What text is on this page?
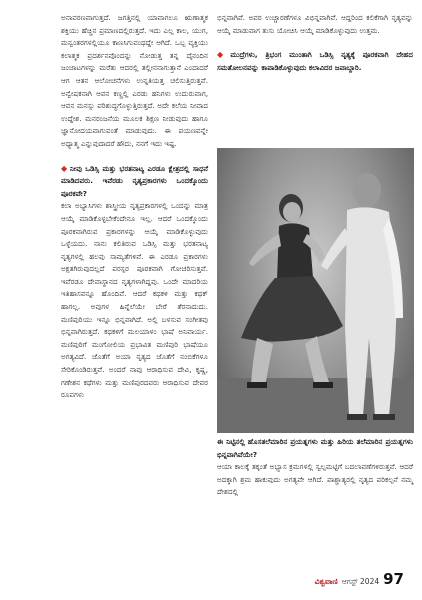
ಅನಾವರಣವಾಗುತ್ತದೆ. ಜಗತ್ತಿನಲ್ಲಿ ಯಾವಾಗಲೂ ಋಣಾತ್ಮಕ ಶಕ್ತಿಯು ಹೆಚ್ಚಿನ ಪ್ರಮಾಣದಲ್ಲಿರುತ್ತದೆ. ಇದು ಎಲ್ಲ ಕಾಲ, ಯುಗ, ಮನ್ವಂತರಗಳಲ್ಲಿಯೂ ಕಾಣಸಿಗುವಂಥದ್ದೇ ಆಗಿದೆ. ಒಬ್ಬ ವ್ಯಕ್ತಿಯು ಕಲಾತ್ಮಕ ಪ್ರದರ್ಶನವೊಂದನ್ನು ನೋಡುತ್ತ ತನ್ನ ದೈನಂದಿನ ಜಂಜಾಟಗಳನ್ನು ಮರೆತು ಆದರಲ್ಲಿ ತಲ್ಲೀನನಾಗುತ್ತಾನೆ ಎಂದಾದರೆ ಆಗ ಆತನ ಆಲೋಚನೆಗಳು ಉನ್ನತಿಯತ್ತ ಚಲಿಸುತ್ತಿರುತ್ತವೆ. ಅನ್ವೇಷಕನಾಗಿ ಆವನ ಕಣ್ಣಲ್ಲಿ ಎರಡು ಹನಿಗಳು ಉದುರುವಾಗ, ಆವನ ಮನಸ್ಸು ಪರಿಶುದ್ಧಗೊಳ್ಳುತ್ತಿರುತ್ತದೆ. ಅದೇ ಕಲೆಯ ನೀವಾದ ಉದ್ದೇಶ. ಮನರಂಜನೆಯ ಮೂಲಕ ಶಿಕ್ಷಣ ನೀಡುವುದು ಹಾಗೂ ಜ್ಞಾನೋದಯವಾಗುವಂತೆ ಮಾಡುವುದು. ಈ ಪಯಣವನ್ನೇ ಅಧ್ಯಾತ್ಮ ಎನ್ನುವುದಾದರೆ ಹೌದು, ನನಗೆ ಇದು ಇಷ್ಟ.

◆ ನೀವು ಒಡಿಸ್ಸಿ ಮತ್ತು ಭರತನಾಟ್ಯ ಎರಡೂ ಕ್ಷೇತ್ರದಲ್ಲಿ ಸಾಧನೆ ಮಾಡಿದವರು. ಇವೆರಡು ನೃತ್ಯಪ್ರಕಾರಗಳು ಒಂದಕ್ಕೊಂದು ಪೂರಕವೇ?

ಕಲಾ ಅಭ್ಯಾಸಿಗಳು ಶಾಸ್ತ್ರೀಯ ನೃತ್ಯಪ್ರಕಾರಗಳಲ್ಲಿ ಒಂದನ್ನು ಮಾತ್ರ ಆಯ್ಕೆ ಮಾಡಿಕೊಳ್ಳಬೇಕೆಂದೇನೂ ಇಲ್ಲ. ಆದರೆ ಒಂದಕ್ಕೊಂದು ಪೂರಕವಾಗಿರುವ ಪ್ರಕಾರಗಳನ್ನು ಆಯ್ಕೆ ಮಾಡಿಕೊಳ್ಳುವುದು ಒಳ್ಳೆಯದು. ನಾನು ಕಲಿತಿರುವ ಒಡಿಸ್ಸಿ ಮತ್ತು ಭರತನಾಟ್ಯ ನೃತ್ಯಗಳಲ್ಲಿ ಹಲವು ಸಾಮ್ಯತೆಗಳಿವೆ. ಈ ಎರಡೂ ಪ್ರಕಾರಗಳು ಅಕ್ಷತಗಿರುವುದಲ್ಲದೆ ಪರಸ್ಪರ ಪೂರಕವಾಗಿ ಗೋಚರಿಸುತ್ತವೆ. ಇವೆರಡೂ ದೇವಾಸ್ಥಾನದ ನೃತ್ಯಗಳಾಗಿದ್ದವು. ಒಂದೇ ಮಾದರಿಯ ಇತಿಹಾಸವನ್ನೂ ಹೊಂದಿವೆ. ಆದರೆ ಕಥಕಳಿ ಮತ್ತು ಕಥಕ್ ಹಾಗಲ್ಲ. ಅವುಗಳ ಹಿನ್ನೆಲೆಯೇ ಬೇರೆ ತೆರನಾದುದು. ಮಣಿಪುರಿಯು ಇನ್ನೂ ಭಿನ್ನವಾಗಿದೆ. ಅಲ್ಲಿ ಬಳಸುವ ಸಂಗೀತವು ಭಿನ್ನವಾಗಿರುತ್ತದೆ. ಕಥಕಳಿಗೆ ಮಲಯಾಳಂ ಭಾಷೆ ಅನಿವಾರ್ಯ. ಮಣಿಪುರಿಗೆ ಮಂಗೋಲಿಯ ಪ್ರಭಾವಿತ ಮಣಿಪುರಿ ಭಾಷೆಯೂ ಅಗತ್ಯವಿದೆ. ಜೊತೆಗೆ ಅಯಾ ನೃತ್ಯದ ಜೊತೆಗೆ ನಂಬಿಕೆಗಳೂ ಸೇರಿಕೊಂಡಿರುತ್ತವೆ. ಅಂದರೆ ನಾವು ಆರಾಧಿಸುವ ದೇವಿ, ಕೃಷ್ಣ, ಗಣೇಶನ ಕಥೆಗಳು ಮತ್ತು ಮಣಿಪುರದವರು ಆರಾಧಿಸುವ ದೇವರ ರೂಪಗಳು

ಭಿನ್ನವಾಗಿವೆ. ಅವರ ಉಚ್ಚಾರಣೆಗಳೂ ವಿಭಿನ್ನವಾಗಿವೆ. ಆದ್ದರಿಂದ ಕಲಿಕೆಗಾಗಿ ನೃತ್ಯವನ್ನು ಆಯ್ಕೆ ಮಾಡುವಾಗ ತುಸು ಯೋಚಿಸಿ ಆಯ್ಕೆ ಮಾಡಿಕೊಳ್ಳುವುದು ಉತ್ತಮ.

◆ ಮುದ್ರೆಗಳು, ತ್ರಿಭಂಗ ಮುಂತಾಗಿ ಒಡಿಸ್ಸಿ ನೃತ್ಯಕ್ಕೆ ಪೂರಕವಾಗಿ ದೇಹದ ಸಮತೋಲನವನ್ನು ಕಾಪಾಡಿಕೊಳ್ಳುವುದು ಕಲಾವಿದರ ಜವಾಬ್ದಾರಿ.

ಈ ನಿಟ್ಟಿನಲ್ಲಿ ಹೊಸತಲೆಮಾರಿನ ಪ್ರಯತ್ನಗಳು ಮತ್ತು ಹಿರಿಯ ತಲೆಮಾರಿನ ಪ್ರಯತ್ನಗಳು ಭಿನ್ನವಾಗಿವೆಯೇ?

ಆಯಾ ಕಾಲಕ್ಕೆ ತಕ್ಕಂತೆ ಅಭ್ಯಾಸ ಕ್ರಮಗಳಲ್ಲಿ ಸ್ವಲ್ಪಮಟ್ಟಿಗೆ ಬದಲಾವಣೆಗಳಿರುತ್ತವೆ. ಆದರೆ ಅದಕ್ಕಾಗಿ ಶ್ರಮ ಹಾಕುವುದು ಅಗತ್ಯವೇ ಆಗಿದೆ. ಪಾಶ್ಚಾತ್ಯರಲ್ಲಿ ನೃತ್ಯದ ಪರಿಕಲ್ಪನೆ ನಮ್ಮ ದೇಶದಲ್ಲಿ

ವಿಶ್ವವಾಣಿ ಆಗಸ್ಟ್ 2024 97
